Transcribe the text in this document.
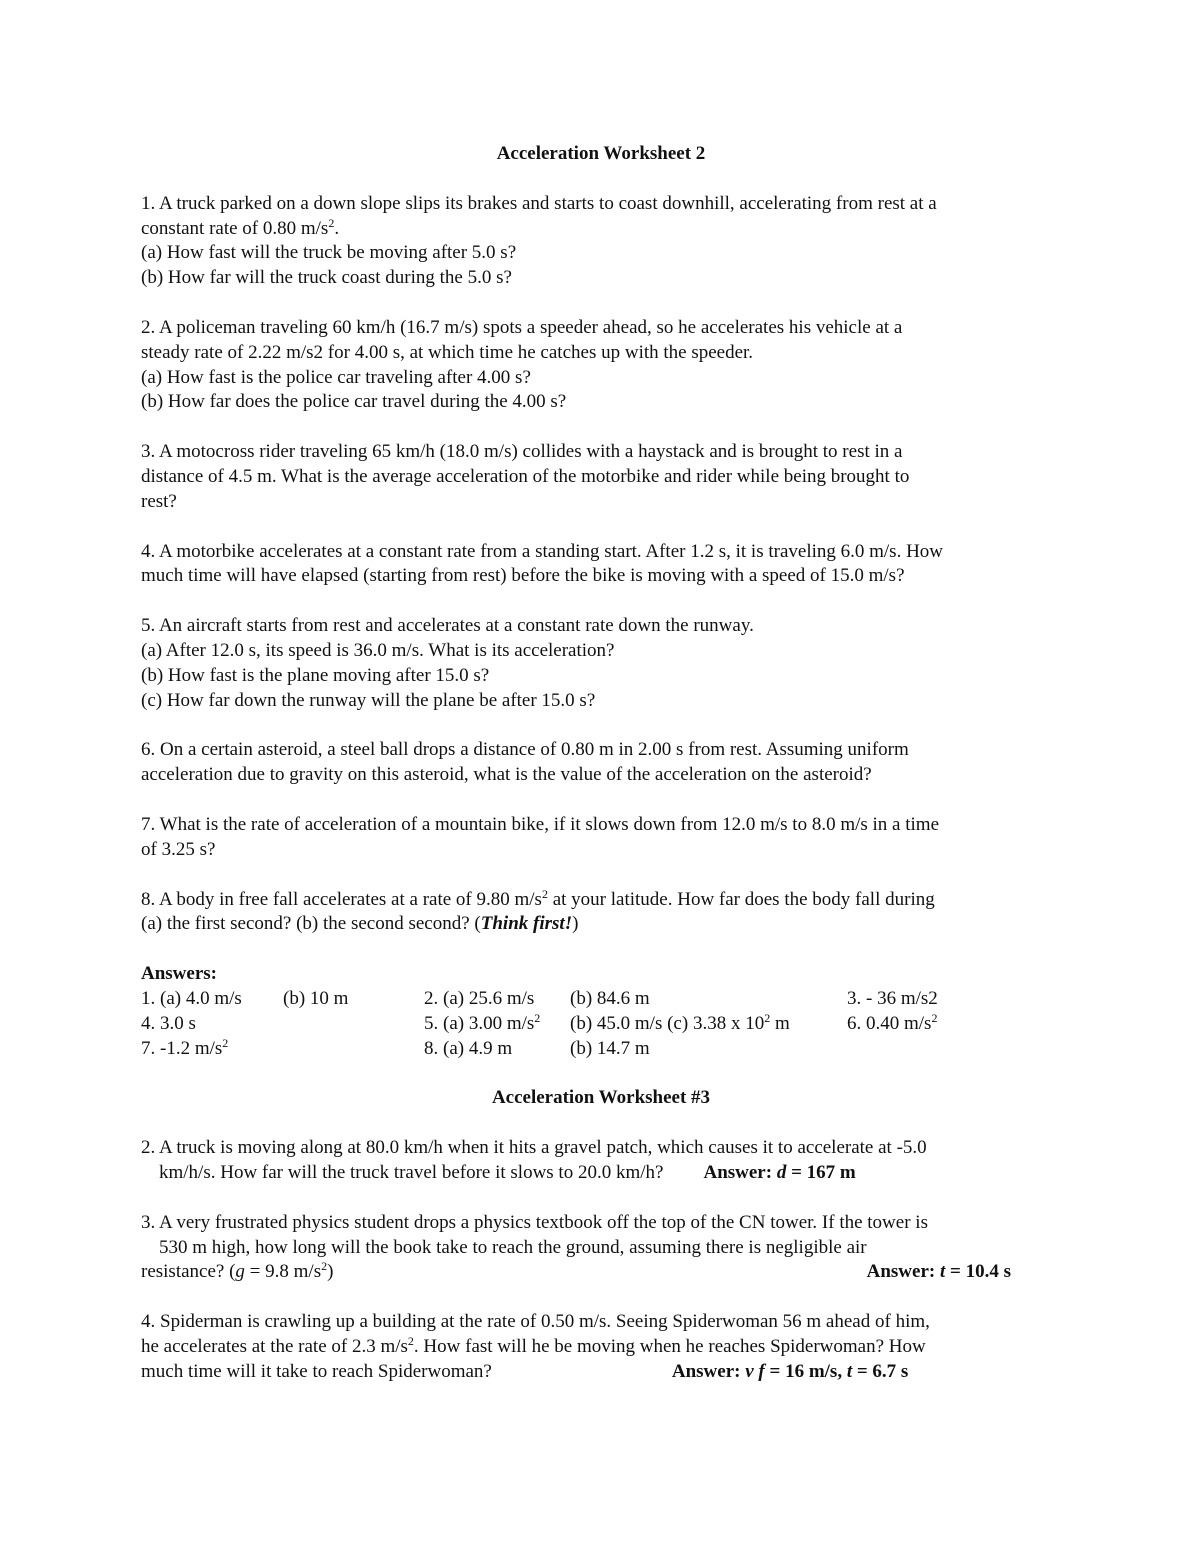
Acceleration Worksheet 2
1. A truck parked on a down slope slips its brakes and starts to coast downhill, accelerating from rest at a
constant rate of 0.80 $m/s^2$.
(a) How fast will the truck be moving after 5.0 s?
(b) How far will the truck coast during the 5.0 s?
2. A policeman traveling 60 km/h (16.7 m/s) spots a speeder ahead, so he accelerates his vehicle at a
steady rate of 2.22 m/s2 for 4.00 s, at which time he catches up with the speeder.
(a) How fast is the police car traveling after 4.00 s?
(b) How far does the police car travel during the 4.00 s?
3. A motocross rider traveling 65 km/h (18.0 m/s) collides with a haystack and is brought to rest in a
distance of 4.5 m. What is the average acceleration of the motorbike and rider while being brought to
rest?
4. A motorbike accelerates at a constant rate from a standing start. After 1.2 s, it is traveling 6.0 m/s. How
much time will have elapsed (starting from rest) before the bike is moving with a speed of 15.0 m/s?
5. An aircraft starts from rest and accelerates at a constant rate down the runway.
(a) After 12.0 s, its speed is 36.0 m/s. What is its acceleration?
(b) How fast is the plane moving after 15.0 s?
(c) How far down the runway will the plane be after 15.0 s?
6. On a certain asteroid, a steel ball drops a distance of 0.80 m in 2.00 s from rest. Assuming uniform
acceleration due to gravity on this asteroid, what is the value of the acceleration on the asteroid?
7. What is the rate of acceleration of a mountain bike, if it slows down from 12.0 m/s to 8.0 m/s in a time
of 3.25 s?
8. A body in free fall accelerates at a rate of 9.80 $m/s^2$ at your latitude. How far does the body fall during
(a) the first second? (b) the second second? (Think first!)
Answers:
1. (a) 4.0 m/s (b) 10 m	2. (a) 25.6 m/s (b) 84.6 m	3. - 36 m/s2
4. 3.0 s	5. (a) 3.00 $m/s^2$ (b) 45.0 m/s (c) 3.38 x $10^2$ m	6. 0.40 $m/s^2$
7. -1.2 $m/s^2$	8. (a) 4.9 m	(b) 14.7 m
Acceleration Worksheet #3
2. A truck is moving along at 80.0 km/h when it hits a gravel patch, which causes it to accelerate at -5.0
km/h/s. How far will the truck travel before it slows to 20.0 km/h? Answer: d = 167 m
3. A very frustrated physics student drops a physics textbook off the top of the CN tower. If the tower is
530 m high, how long will the book take to reach the ground, assuming there is negligible air
resistance? (g = 9.8 $m/s^2$)	Answer: t = 10.4 s
4. Spiderman is crawling up a building at the rate of 0.50 m/s. Seeing Spiderwoman 56 m ahead of him,
he accelerates at the rate of 2.3 $m/s^2$. How fast will he be moving when he reaches Spiderwoman? How
much time will it take to reach Spiderwoman?	Answer: v f = 16 m/s, t = 6.7 s
